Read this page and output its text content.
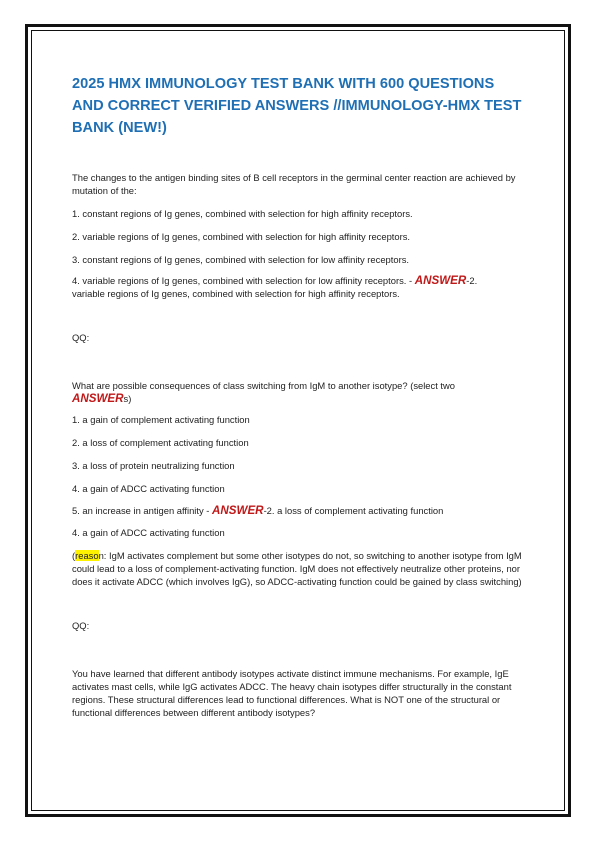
2025 HMX IMMUNOLOGY TEST BANK WITH 600 QUESTIONS AND CORRECT VERIFIED ANSWERS //IMMUNOLOGY-HMX TEST BANK (NEW!)

The changes to the antigen binding sites of B cell receptors in the germinal center reaction are achieved by mutation of the:

1. constant regions of Ig genes, combined with selection for high affinity receptors.

2. variable regions of Ig genes, combined with selection for high affinity receptors.

3. constant regions of Ig genes, combined with selection for low affinity receptors.

4. variable regions of Ig genes, combined with selection for low affinity receptors. - ANSWER-2.
variable regions of Ig genes, combined with selection for high affinity receptors.

QQ:

What are possible consequences of class switching from IgM to another isotype? (select two
ANSWERs)

1. a gain of complement activating function

2. a loss of complement activating function

3. a loss of protein neutralizing function

4. a gain of ADCC activating function

5. an increase in antigen affinity - ANSWER-2. a loss of complement activating function

4. a gain of ADCC activating function

(reason: IgM activates complement but some other isotypes do not, so switching to another isotype from IgM could lead to a loss of complement-activating function. IgM does not effectively neutralize other proteins, nor does it activate ADCC (which involves IgG), so ADCC-activating function could be gained by class switching)

QQ:

You have learned that different antibody isotypes activate distinct immune mechanisms. For example, IgE activates mast cells, while IgG activates ADCC. The heavy chain isotypes differ structurally in the constant regions. These structural differences lead to functional differences. What is NOT one of the structural or functional differences between different antibody isotypes?
